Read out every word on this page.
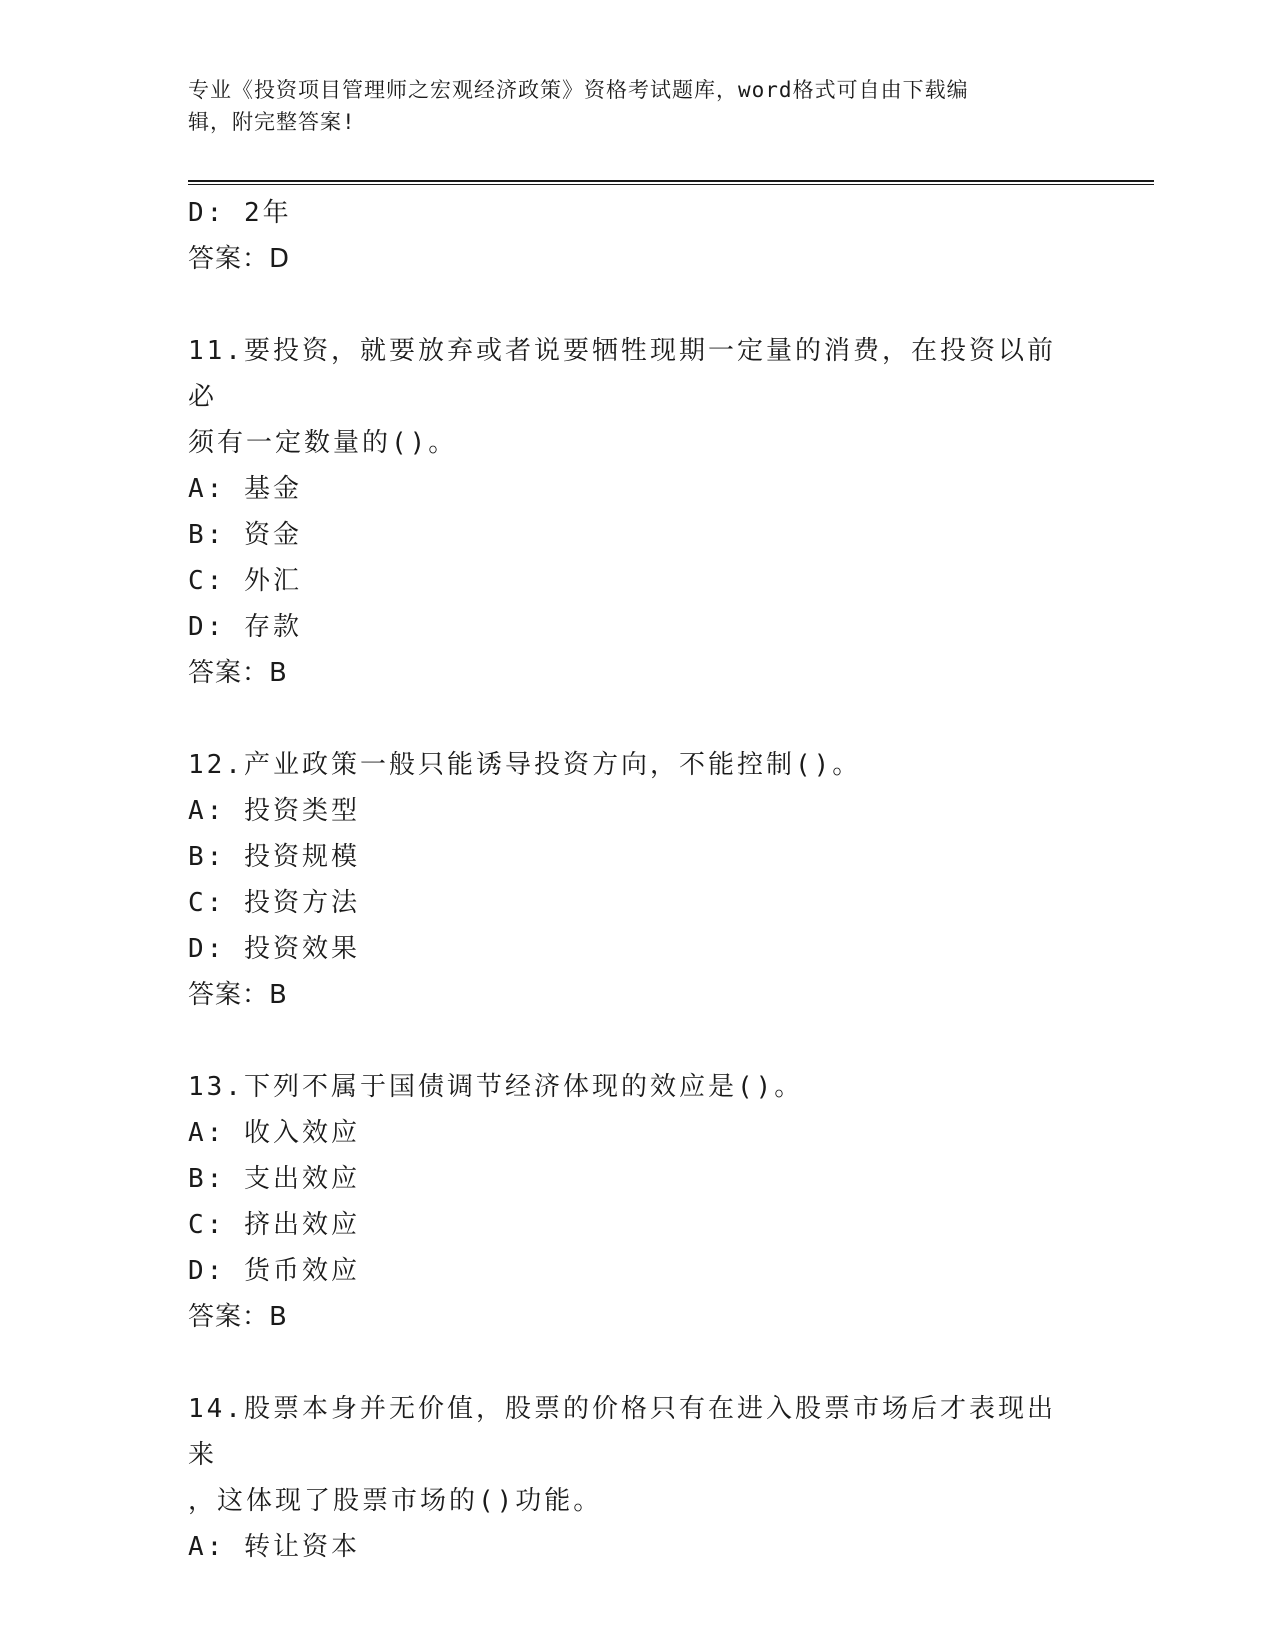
专业《投资项目管理师之宏观经济政策》资格考试题库，word格式可自由下载编
辑，附完整答案!
D: 2年
答案：D
11.要投资，就要放弃或者说要牺牲现期一定量的消费，在投资以前必
须有一定数量的()。
A: 基金
B: 资金
C: 外汇
D: 存款
答案：B
12.产业政策一般只能诱导投资方向，不能控制()。
A: 投资类型
B: 投资规模
C: 投资方法
D: 投资效果
答案：B
13.下列不属于国债调节经济体现的效应是()。
A: 收入效应
B: 支出效应
C: 挤出效应
D: 货币效应
答案：B
14.股票本身并无价值，股票的价格只有在进入股票市场后才表现出来
，这体现了股票市场的()功能。
A: 转让资本
